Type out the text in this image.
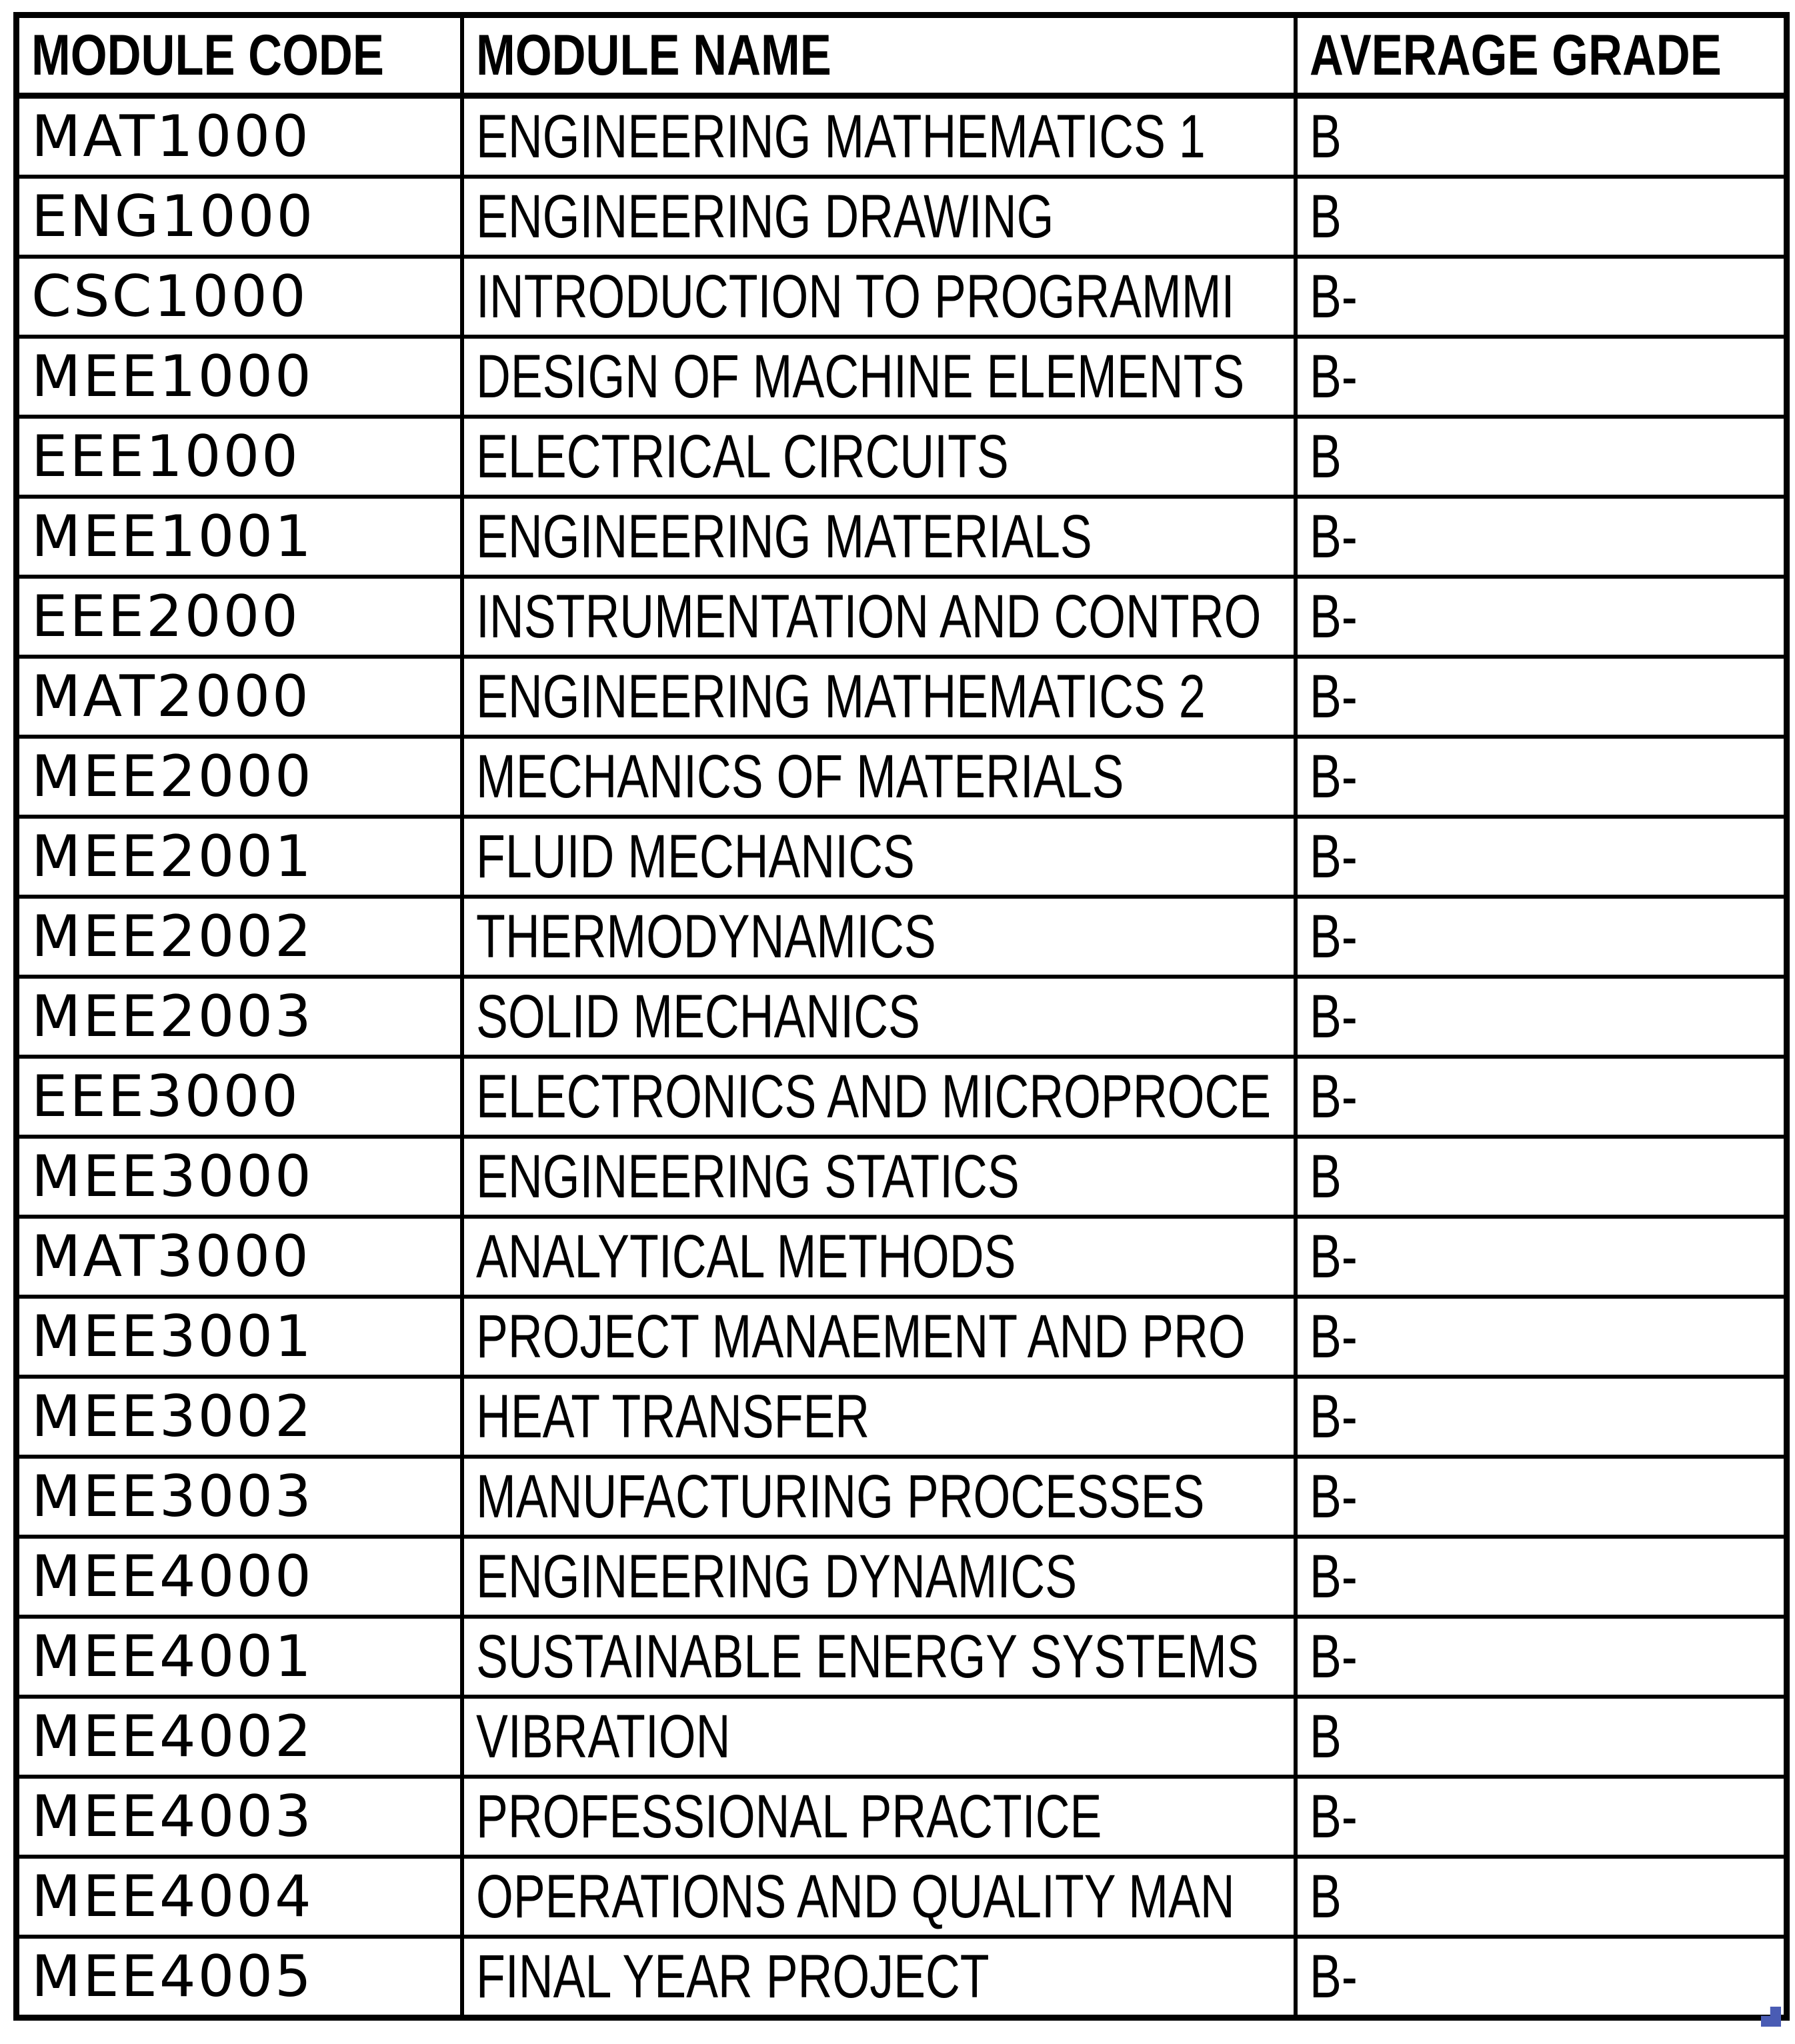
MODULE CODE	MODULE NAME	AVERAGE GRADE
MAT1000	ENGINEERING MATHEMATICS 1	B
ENG1000	ENGINEERING DRAWING	B
CSC1000	INTRODUCTION TO PROGRAMMI	B-
MEE1000	DESIGN OF MACHINE ELEMENTS	B-
EEE1000	ELECTRICAL CIRCUITS	B
MEE1001	ENGINEERING MATERIALS	B-
EEE2000	INSTRUMENTATION AND CONTRO	B-
MAT2000	ENGINEERING MATHEMATICS 2	B-
MEE2000	MECHANICS OF MATERIALS	B-
MEE2001	FLUID MECHANICS	B-
MEE2002	THERMODYNAMICS	B-
MEE2003	SOLID MECHANICS	B-
EEE3000	ELECTRONICS AND MICROPROCE	B-
MEE3000	ENGINEERING STATICS	B
MAT3000	ANALYTICAL METHODS	B-
MEE3001	PROJECT MANAEMENT AND PRO	B-
MEE3002	HEAT TRANSFER	B-
MEE3003	MANUFACTURING PROCESSES	B-
MEE4000	ENGINEERING DYNAMICS	B-
MEE4001	SUSTAINABLE ENERGY SYSTEMS	B-
MEE4002	VIBRATION	B
MEE4003	PROFESSIONAL PRACTICE	B-
MEE4004	OPERATIONS AND QUALITY MAN	B
MEE4005	FINAL YEAR PROJECT	B-
